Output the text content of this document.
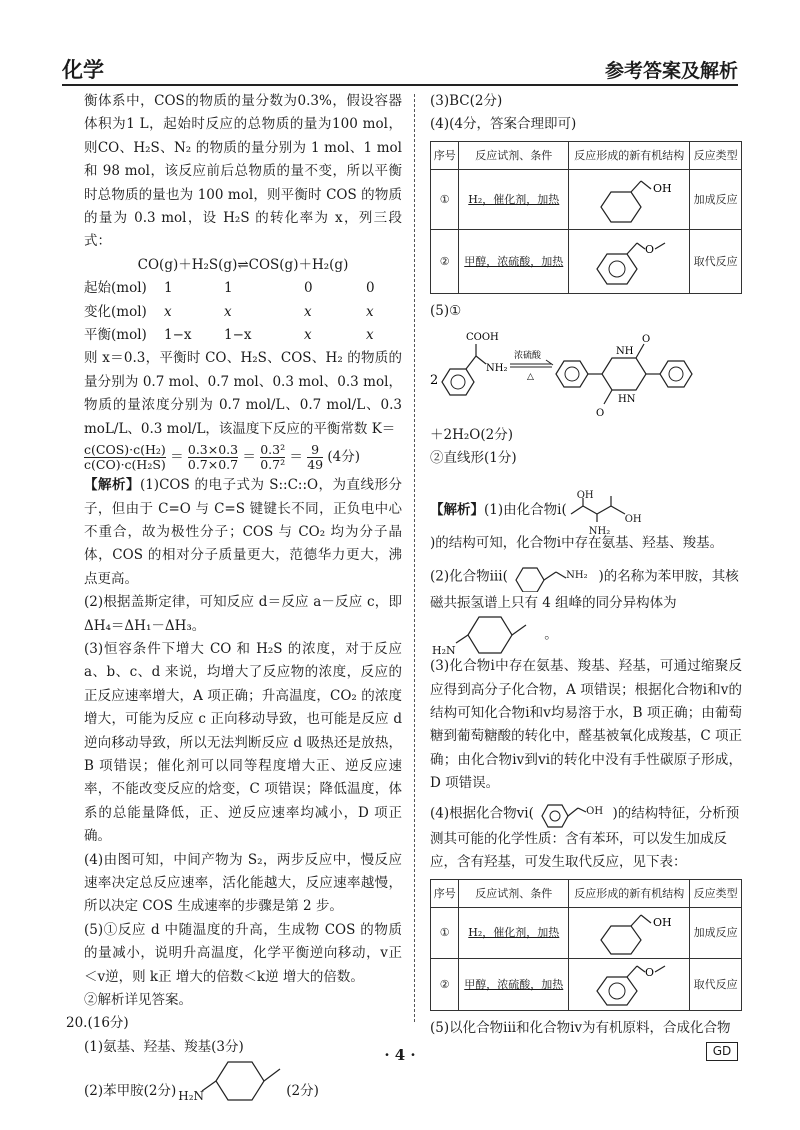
化学	参考答案及解析

衡体系中，COS的物质的量分数为0.3%，假设容器体积为1 L，起始时反应的总物质的量为100 mol，则CO、H₂S、N₂ 的物质的量分别为 1 mol、1 mol 和 98 mol，该反应前后总物质的量不变，所以平衡时总物质的量也为 100 mol，则平衡时 COS 的物质的量为 0.3 mol，设 H₂S 的转化率为 x，列三段式：

CO(g)＋H₂S(g)⇌COS(g)＋H₂(g)
起始(mol)	1	1	0	0
变化(mol)	x	x	x	x
平衡(mol)	1−x	1−x	x	x

则 x＝0.3，平衡时 CO、H₂S、COS、H₂ 的物质的量分别为 0.7 mol、0.7 mol、0.3 mol、0.3 mol，物质的量浓度分别为 0.7 mol/L、0.7 mol/L、0.3 moL/L、0.3 mol/L，该温度下反应的平衡常数 K＝

$\frac{\text{c(COS)·c(H₂)}}{\text{c(CO)·c(H₂S)}} = \frac{0.3\times 0.3}{0.7\times 0.7} = \frac{\text{0.3²}}{\text{0.7²}} = \frac{9}{49} (4$分)

【解析】(1)COS 的电子式为 S::C::O，为直线形分子，但由于 C=O 与 C=S 键键长不同，正负电中心不重合，故为极性分子；COS 与 CO₂ 均为分子晶体，COS 的相对分子质量更大，范德华力更大，沸点更高。

(2)根据盖斯定律，可知反应 d＝反应 a－反应 c，即 ΔH₄＝ΔH₁－ΔH₃。

(3)恒容条件下增大 CO 和 H₂S 的浓度，对于反应 a、b、c、d 来说，均增大了反应物的浓度，反应的正反应速率增大，A 项正确；升高温度，CO₂ 的浓度增大，可能为反应 c 正向移动导致，也可能是反应 d 逆向移动导致，所以无法判断反应 d 吸热还是放热，B 项错误；催化剂可以同等程度增大正、逆反应速率，不能改变反应的焓变，C 项错误；降低温度，体系的总能量降低，正、逆反应速率均减小，D 项正确。

(4)由图可知，中间产物为 S₂，两步反应中，慢反应速率决定总反应速率，活化能越大，反应速率越慢，所以决定 COS 生成速率的步骤是第 2 步。

(5)①反应 d 中随温度的升高，生成物 COS 的物质的量减小，说明升高温度，化学平衡逆向移动，v正＜v逆，则 k正 增大的倍数＜k逆 增大的倍数。

②解析详见答案。

20.(16分)

(1)氨基、羟基、羧基(3分)

(2)苯甲胺(2分) H₂N	(2分)

(3)BC(2分)

(4)(4分，答案合理即可)

序号	反应试剂、条件	反应形成的新有机结构	反应类型
①	H₂，催化剂，加热	OH	加成反应
②	甲醇，浓硫酸，加热	O	取代反应

(5)①

2
COOH
NH₂
浓硫酸
△
NH
O
O
HN

＋2H₂O(2分)

②直线形(1分)

【解析】 (1)由化合物ⅰ(
OH
OH
NH₂
)的结构可知，化合物ⅰ中存在氨基、羟基、羧基。
(2)化合物ⅲ(	NH₂ )的名称为苯甲胺，其核磁共振氢谱上只有 4 组峰的同分异构体为
H₂N
。

(3)化合物ⅰ中存在氨基、羧基、羟基，可通过缩聚反应得到高分子化合物，A 项错误；根据化合物ⅰ和ⅴ的结构可知化合物ⅰ和ⅴ均易溶于水，B 项正确；由葡萄糖到葡萄糖酸的转化中，醛基被氧化成羧基，C 项正确；由化合物ⅳ到ⅵ的转化中没有手性碳原子形成，D 项错误。

(4)根据化合物ⅵ(	OH )的结构特征，分析预测其可能的化学性质：含有苯环，可以发生加成反应，含有羟基，可发生取代反应，见下表：
序号	反应试剂、条件	反应形成的新有机结构	反应类型
①	H₂，催化剂，加热	OH	加成反应
②	甲醇，浓硫酸，加热	O	取代反应

(5)以化合物ⅲ和化合物ⅳ为有机原料，合成化合物

· 4 ·	GD
